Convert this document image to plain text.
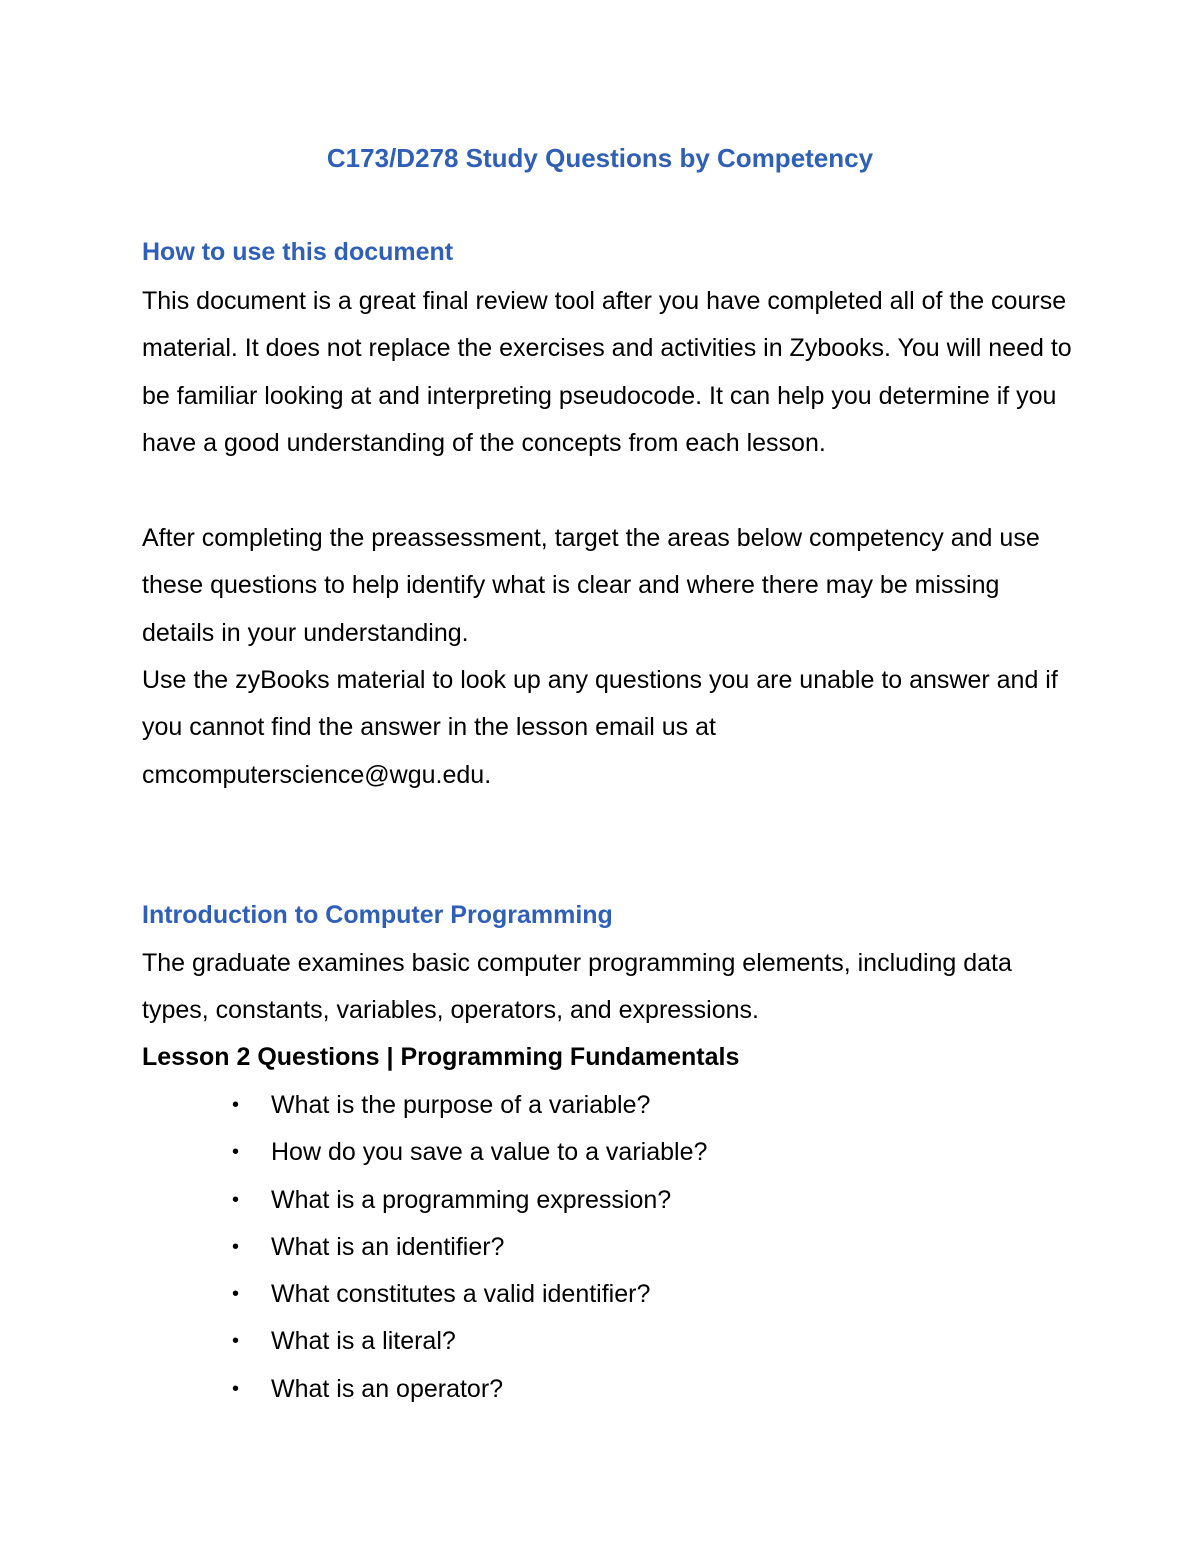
C173/D278 Study Questions by Competency
How to use this document

This document is a great final review tool after you have completed all of the course material. It does not replace the exercises and activities in Zybooks. You will need to be familiar looking at and interpreting pseudocode. It can help you determine if you have a good understanding of the concepts from each lesson.

After completing the preassessment, target the areas below competency and use these questions to help identify what is clear and where there may be missing details in your understanding.

Use the zyBooks material to look up any questions you are unable to answer and if you cannot find the answer in the lesson email us at cmcomputerscience@wgu.edu.

Introduction to Computer Programming

The graduate examines basic computer programming elements, including data types, constants, variables, operators, and expressions.

Lesson 2 Questions | Programming Fundamentals
• What is the purpose of a variable?
• How do you save a value to a variable?
• What is a programming expression?
• What is an identifier?
• What constitutes a valid identifier?
• What is a literal?
• What is an operator?
